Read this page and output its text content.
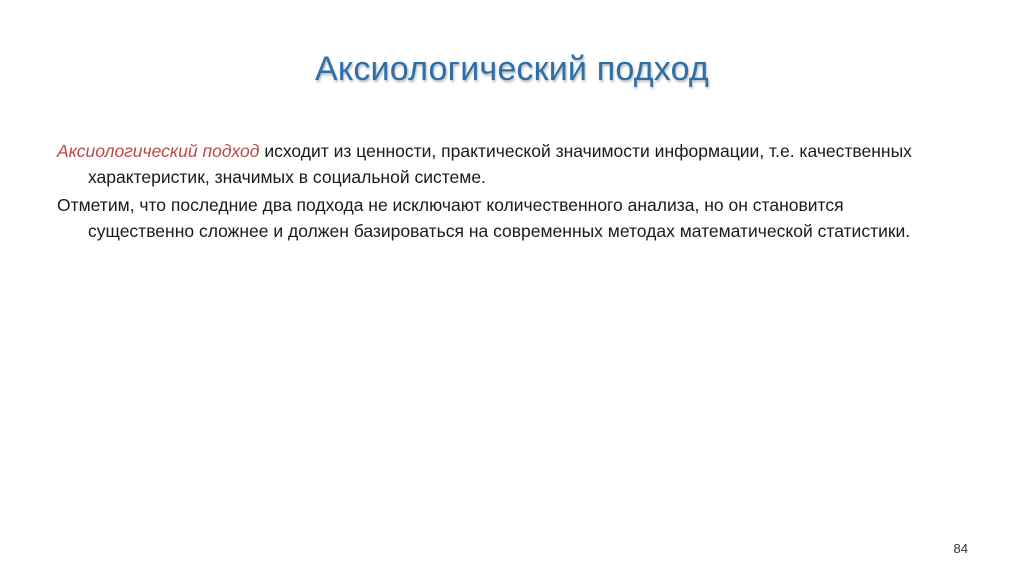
Аксиологический подход

Аксиологический подход исходит из ценности, практической значимости информации, т.е. качественных характеристик, значимых в социальной системе.

Отметим, что последние два подхода не исключают количественного анализа, но он становится существенно сложнее и должен базироваться на современных методах математической статистики.

84
